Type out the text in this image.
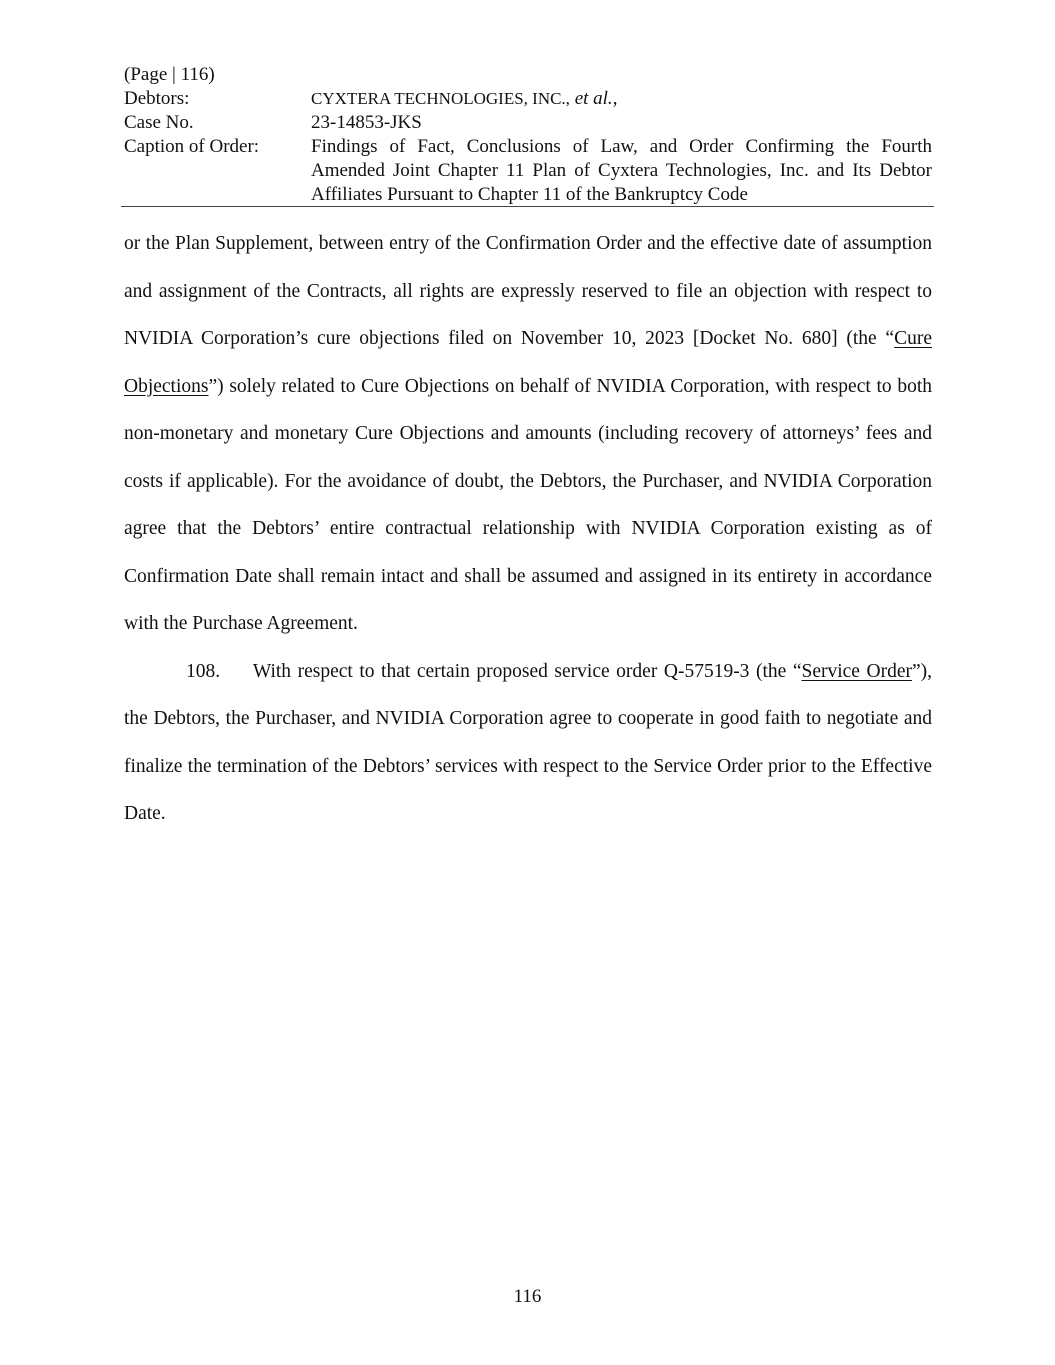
(Page | 116)
Debtors:	CYXTERA TECHNOLOGIES, INC., et al.,
Case No.	23-14853-JKS
Caption of Order:	Findings of Fact, Conclusions of Law, and Order Confirming the Fourth Amended Joint Chapter 11 Plan of Cyxtera Technologies, Inc. and Its Debtor Affiliates Pursuant to Chapter 11 of the Bankruptcy Code

or the Plan Supplement, between entry of the Confirmation Order and the effective date of assumption and assignment of the Contracts, all rights are expressly reserved to file an objection with respect to NVIDIA Corporation’s cure objections filed on November 10, 2023 [Docket No. 680] (the “Cure Objections”) solely related to Cure Objections on behalf of NVIDIA Corporation, with respect to both non-monetary and monetary Cure Objections and amounts (including recovery of attorneys’ fees and costs if applicable). For the avoidance of doubt, the Debtors, the Purchaser, and NVIDIA Corporation agree that the Debtors’ entire contractual relationship with NVIDIA Corporation existing as of Confirmation Date shall remain intact and shall be assumed and assigned in its entirety in accordance with the Purchase Agreement.

108. With respect to that certain proposed service order Q-57519-3 (the “Service Order”), the Debtors, the Purchaser, and NVIDIA Corporation agree to cooperate in good faith to negotiate and finalize the termination of the Debtors’ services with respect to the Service Order prior to the Effective Date.

116
